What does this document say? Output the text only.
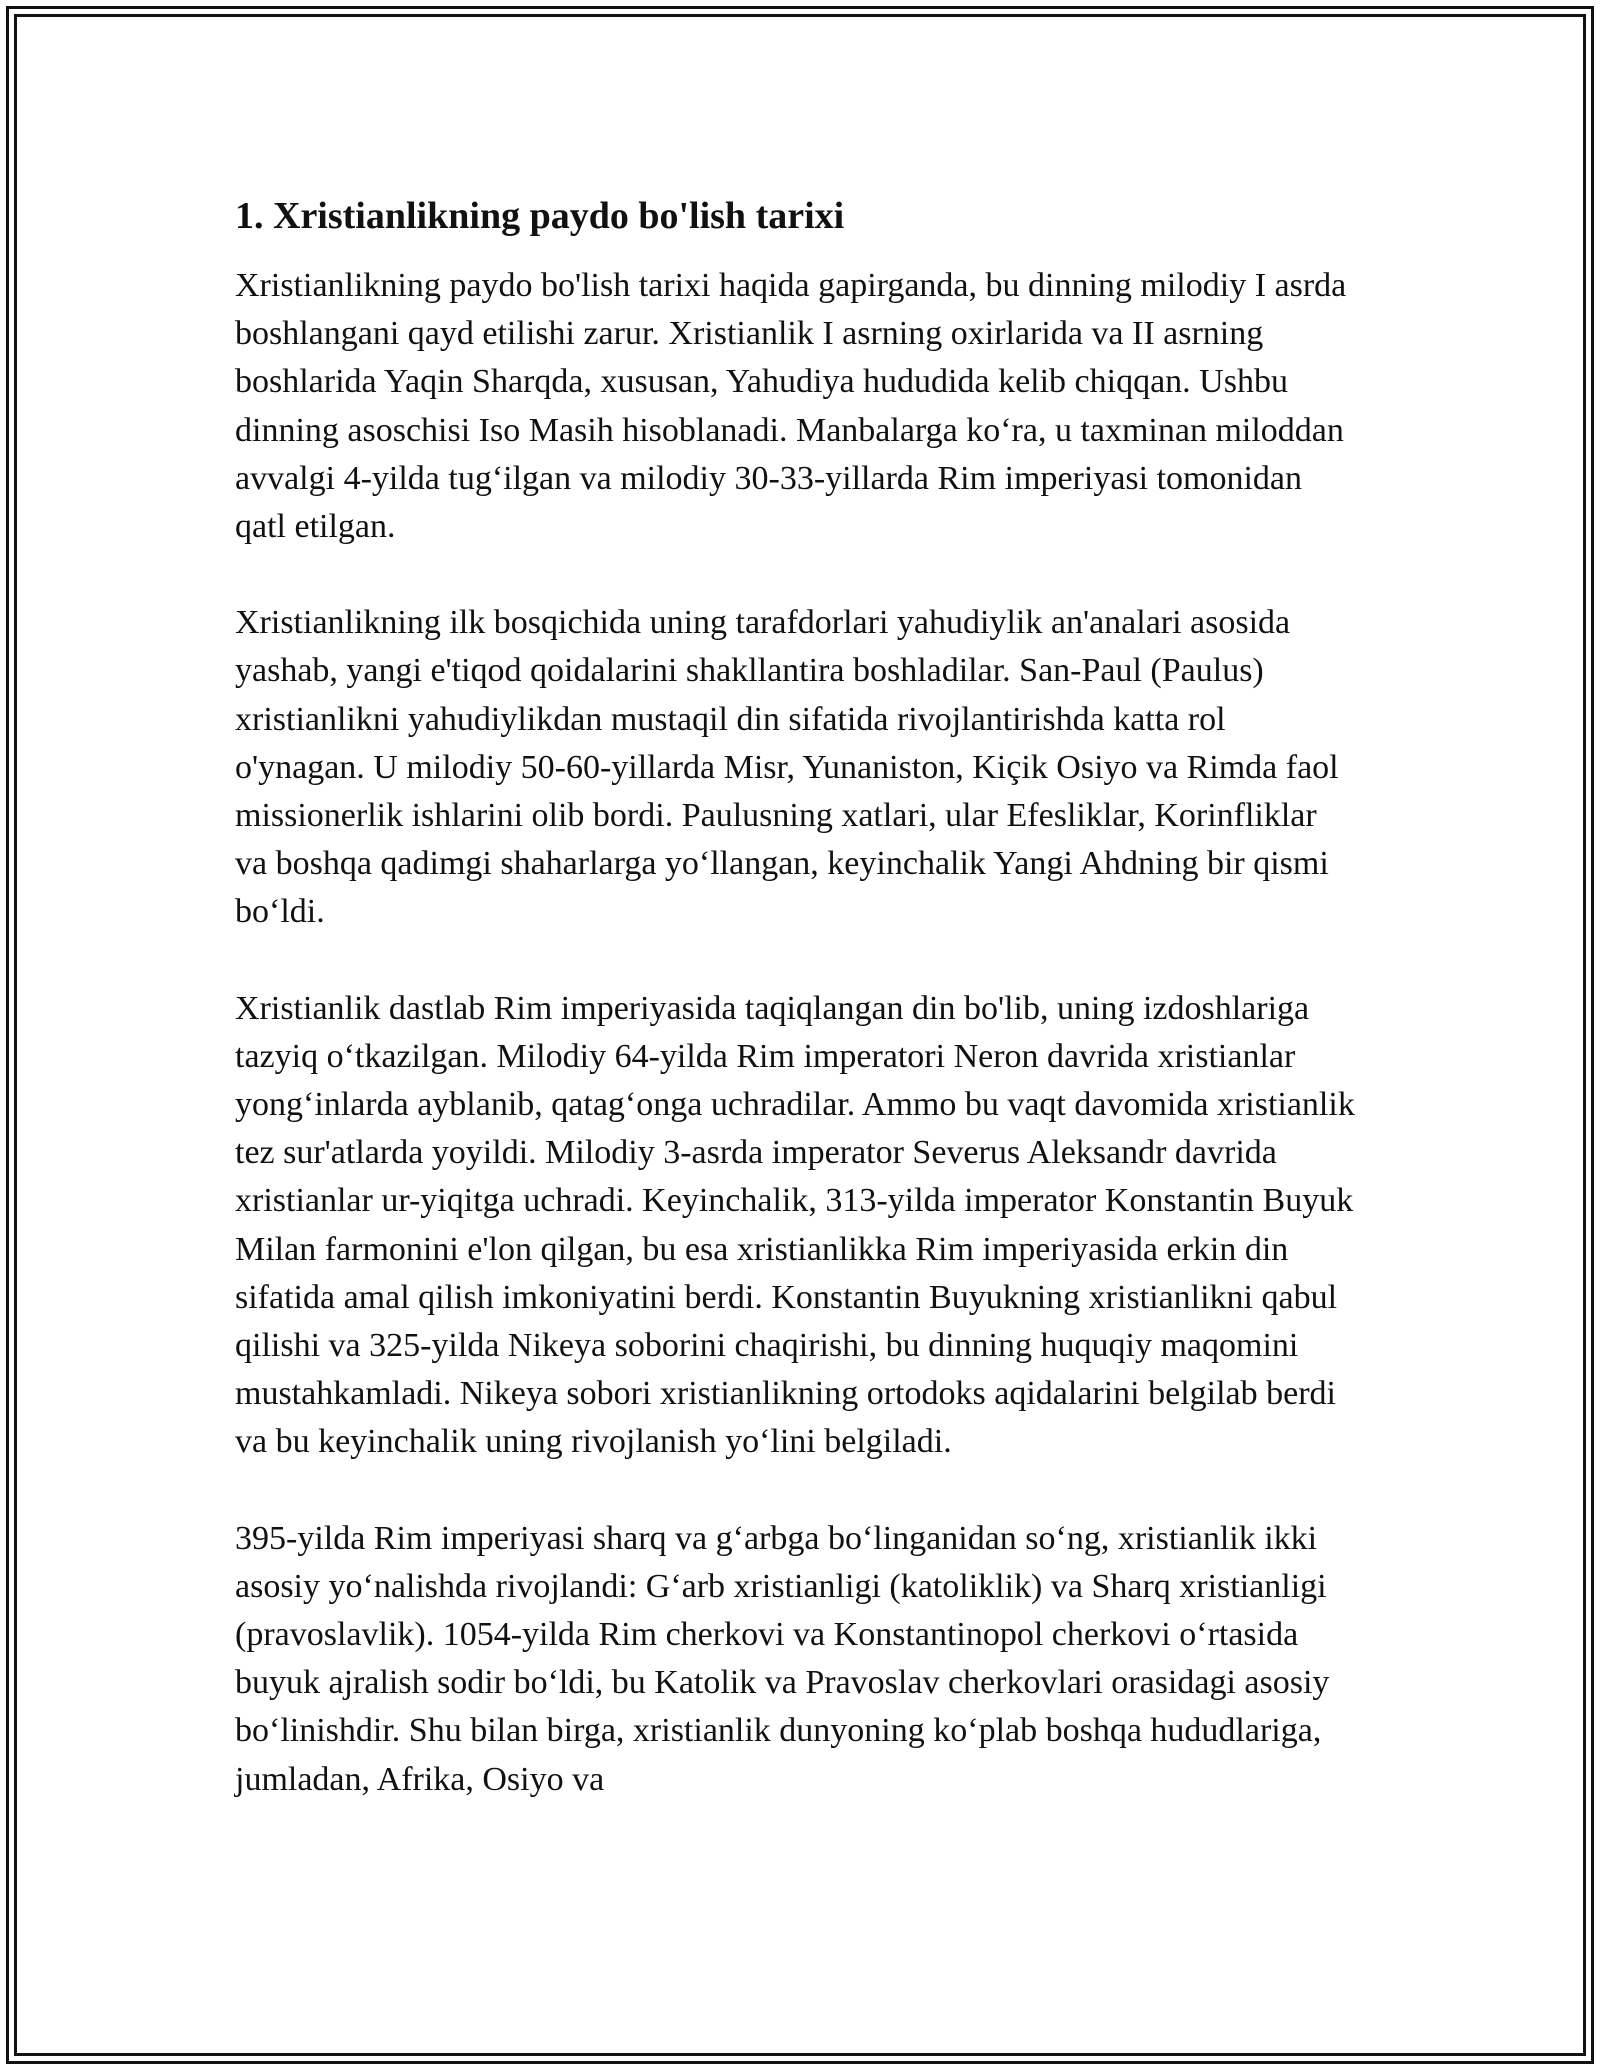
1. Xristianlikning paydo bo'lish tarixi

Xristianlikning paydo bo'lish tarixi haqida gapirganda, bu dinning milodiy I asrda boshlangani qayd etilishi zarur. Xristianlik I asrning oxirlarida va II asrning boshlarida Yaqin Sharqda, xususan, Yahudiya hududida kelib chiqqan. Ushbu dinning asoschisi Iso Masih hisoblanadi. Manbalarga ko‘ra, u taxminan miloddan avvalgi 4-yilda tug‘ilgan va milodiy 30-33-yillarda Rim imperiyasi tomonidan qatl etilgan.

Xristianlikning ilk bosqichida uning tarafdorlari yahudiylik an'analari asosida yashab, yangi e'tiqod qoidalarini shakllantira boshladilar. San-Paul (Paulus) xristianlikni yahudiylikdan mustaqil din sifatida rivojlantirishda katta rol o'ynagan. U milodiy 50-60-yillarda Misr, Yunaniston, Kiçik Osiyo va Rimda faol missionerlik ishlarini olib bordi. Paulusning xatlari, ular Efesliklar, Korinfliklar va boshqa qadimgi shaharlarga yo‘llangan, keyinchalik Yangi Ahdning bir qismi bo‘ldi.

Xristianlik dastlab Rim imperiyasida taqiqlangan din bo'lib, uning izdoshlariga tazyiq o‘tkazilgan. Milodiy 64-yilda Rim imperatori Neron davrida xristianlar yong‘inlarda ayblanib, qatag‘onga uchradilar. Ammo bu vaqt davomida xristianlik tez sur'atlarda yoyildi. Milodiy 3-asrda imperator Severus Aleksandr davrida xristianlar ur-yiqitga uchradi. Keyinchalik, 313-yilda imperator Konstantin Buyuk Milan farmonini e'lon qilgan, bu esa xristianlikka Rim imperiyasida erkin din sifatida amal qilish imkoniyatini berdi. Konstantin Buyukning xristianlikni qabul qilishi va 325-yilda Nikeya soborini chaqirishi, bu dinning huquqiy maqomini mustahkamladi. Nikeya sobori xristianlikning ortodoks aqidalarini belgilab berdi va bu keyinchalik uning rivojlanish yo‘lini belgiladi.

395-yilda Rim imperiyasi sharq va g‘arbga bo‘linganidan so‘ng, xristianlik ikki asosiy yo‘nalishda rivojlandi: G‘arb xristianligi (katoliklik) va Sharq xristianligi (pravoslavlik). 1054-yilda Rim cherkovi va Konstantinopol cherkovi o‘rtasida buyuk ajralish sodir bo‘ldi, bu Katolik va Pravoslav cherkovlari orasidagi asosiy bo‘linishdir. Shu bilan birga, xristianlik dunyoning ko‘plab boshqa hududlariga, jumladan, Afrika, Osiyo va
